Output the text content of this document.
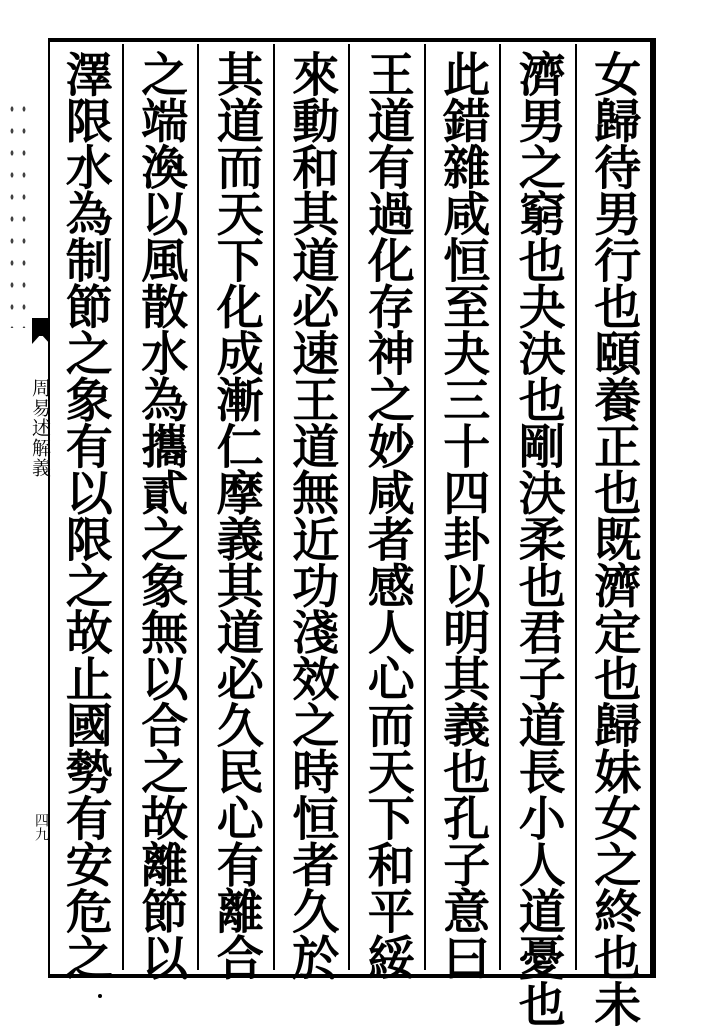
周易述解義
四九	女歸待男行也頤養正也既濟定也歸妹女之終也未
濟男之窮也夬決也剛決柔也君子道長小人道憂也
此錯雜咸恒至夬三十四卦以明其義也孔子意曰
王道有過化存神之妙咸者感人心而天下和平綏
來動和其道必速王道無近功淺效之時恒者久於
其道而天下化成漸仁摩義其道必久民心有離合
之端渙以風散水為攜貳之象無以合之故離節以
澤限水為制節之象有以限之故止國勢有安危之
